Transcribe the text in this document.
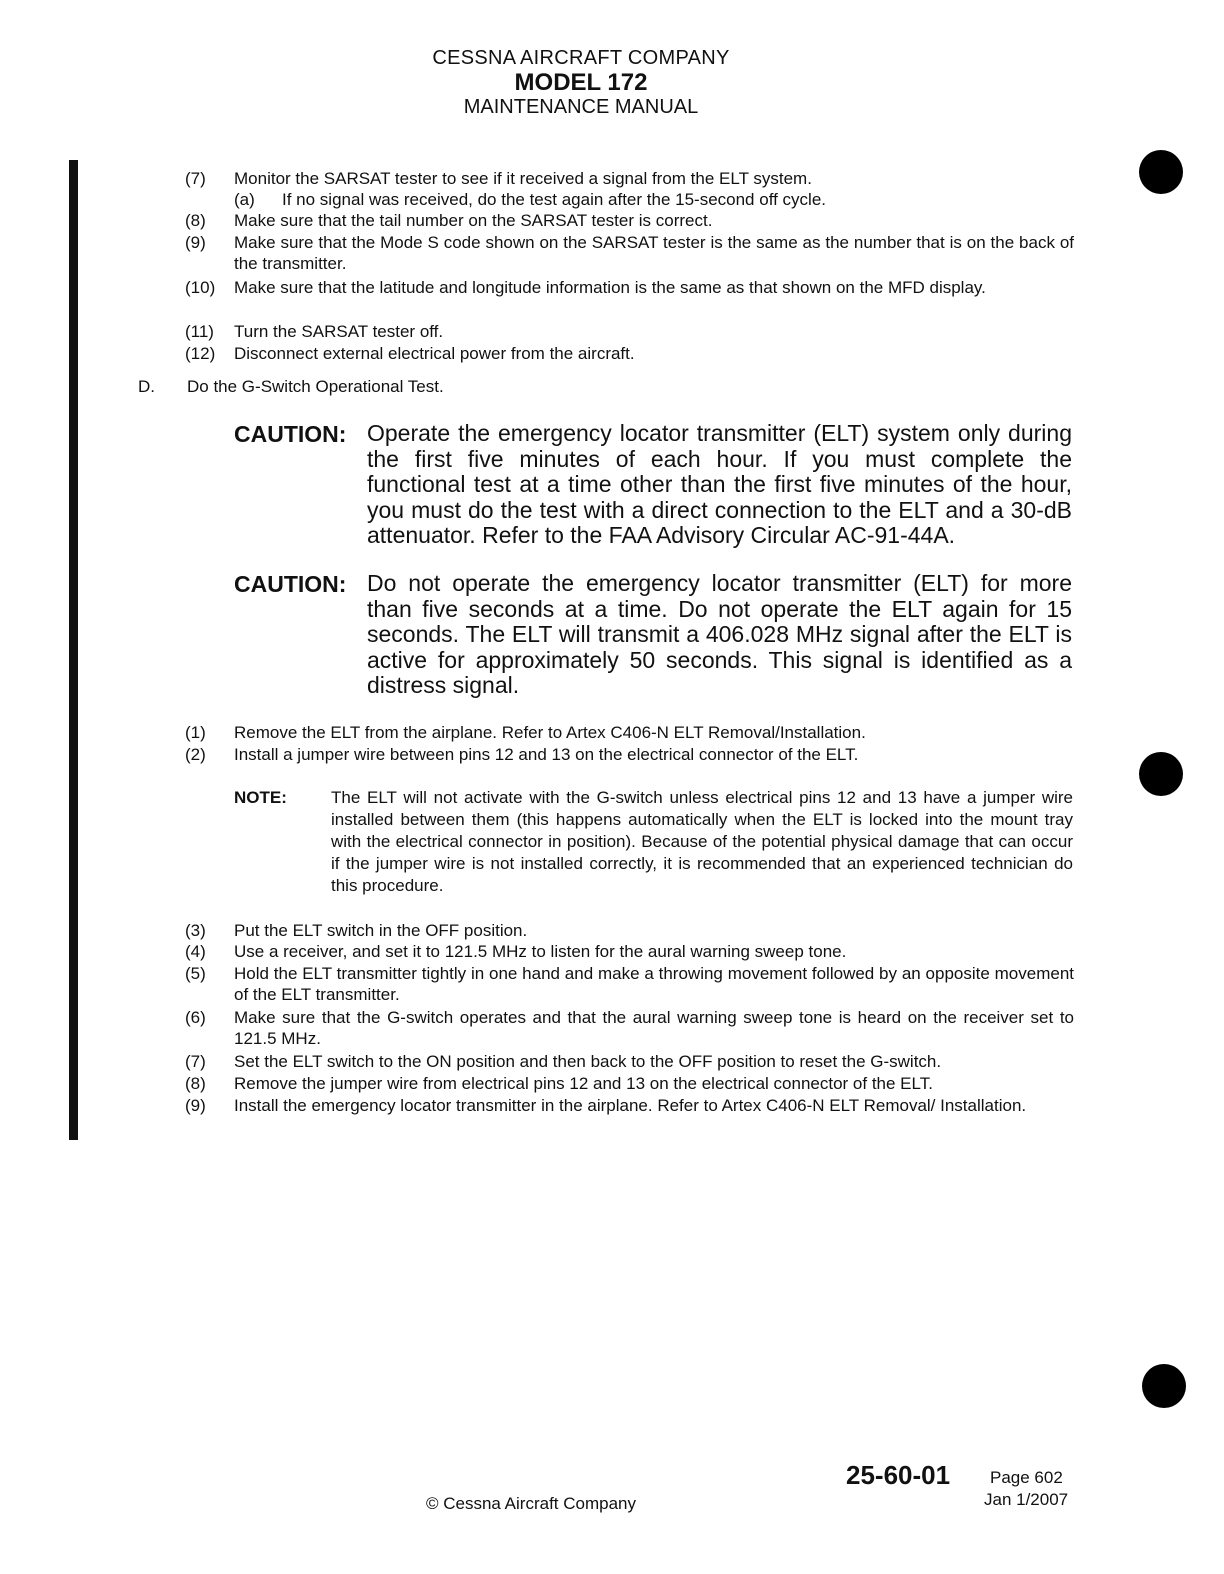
CESSNA AIRCRAFT COMPANY
MODEL 172
MAINTENANCE MANUAL
(7) Monitor the SARSAT tester to see if it received a signal from the ELT system.
(a) If no signal was received, do the test again after the 15-second off cycle.
(8) Make sure that the tail number on the SARSAT tester is correct.
(9) Make sure that the Mode S code shown on the SARSAT tester is the same as the number that is on the back of the transmitter.
(10) Make sure that the latitude and longitude information is the same as that shown on the MFD display.
(11) Turn the SARSAT tester off.
(12) Disconnect external electrical power from the aircraft.
D. Do the G-Switch Operational Test.
CAUTION: Operate the emergency locator transmitter (ELT) system only during the first five minutes of each hour. If you must complete the functional test at a time other than the first five minutes of the hour, you must do the test with a direct connection to the ELT and a 30-dB attenuator. Refer to the FAA Advisory Circular AC-91-44A.
CAUTION: Do not operate the emergency locator transmitter (ELT) for more than five seconds at a time. Do not operate the ELT again for 15 seconds. The ELT will transmit a 406.028 MHz signal after the ELT is active for approximately 50 seconds. This signal is identified as a distress signal.
(1) Remove the ELT from the airplane. Refer to Artex C406-N ELT Removal/Installation.
(2) Install a jumper wire between pins 12 and 13 on the electrical connector of the ELT.
NOTE:	The ELT will not activate with the G-switch unless electrical pins 12 and 13 have a jumper wire installed between them (this happens automatically when the ELT is locked into the mount tray with the electrical connector in position). Because of the potential physical damage that can occur if the jumper wire is not installed correctly, it is recommended that an experienced technician do this procedure.
(3) Put the ELT switch in the OFF position.
(4) Use a receiver, and set it to 121.5 MHz to listen for the aural warning sweep tone.
(5) Hold the ELT transmitter tightly in one hand and make a throwing movement followed by an opposite movement of the ELT transmitter.
(6) Make sure that the G-switch operates and that the aural warning sweep tone is heard on the receiver set to 121.5 MHz.
(7) Set the ELT switch to the ON position and then back to the OFF position to reset the G-switch.
(8) Remove the jumper wire from electrical pins 12 and 13 on the electrical connector of the ELT.
(9) Install the emergency locator transmitter in the airplane. Refer to Artex C406-N ELT Removal/ Installation.
© Cessna Aircraft Company
25-60-01 Page 602
Jan 1/2007
